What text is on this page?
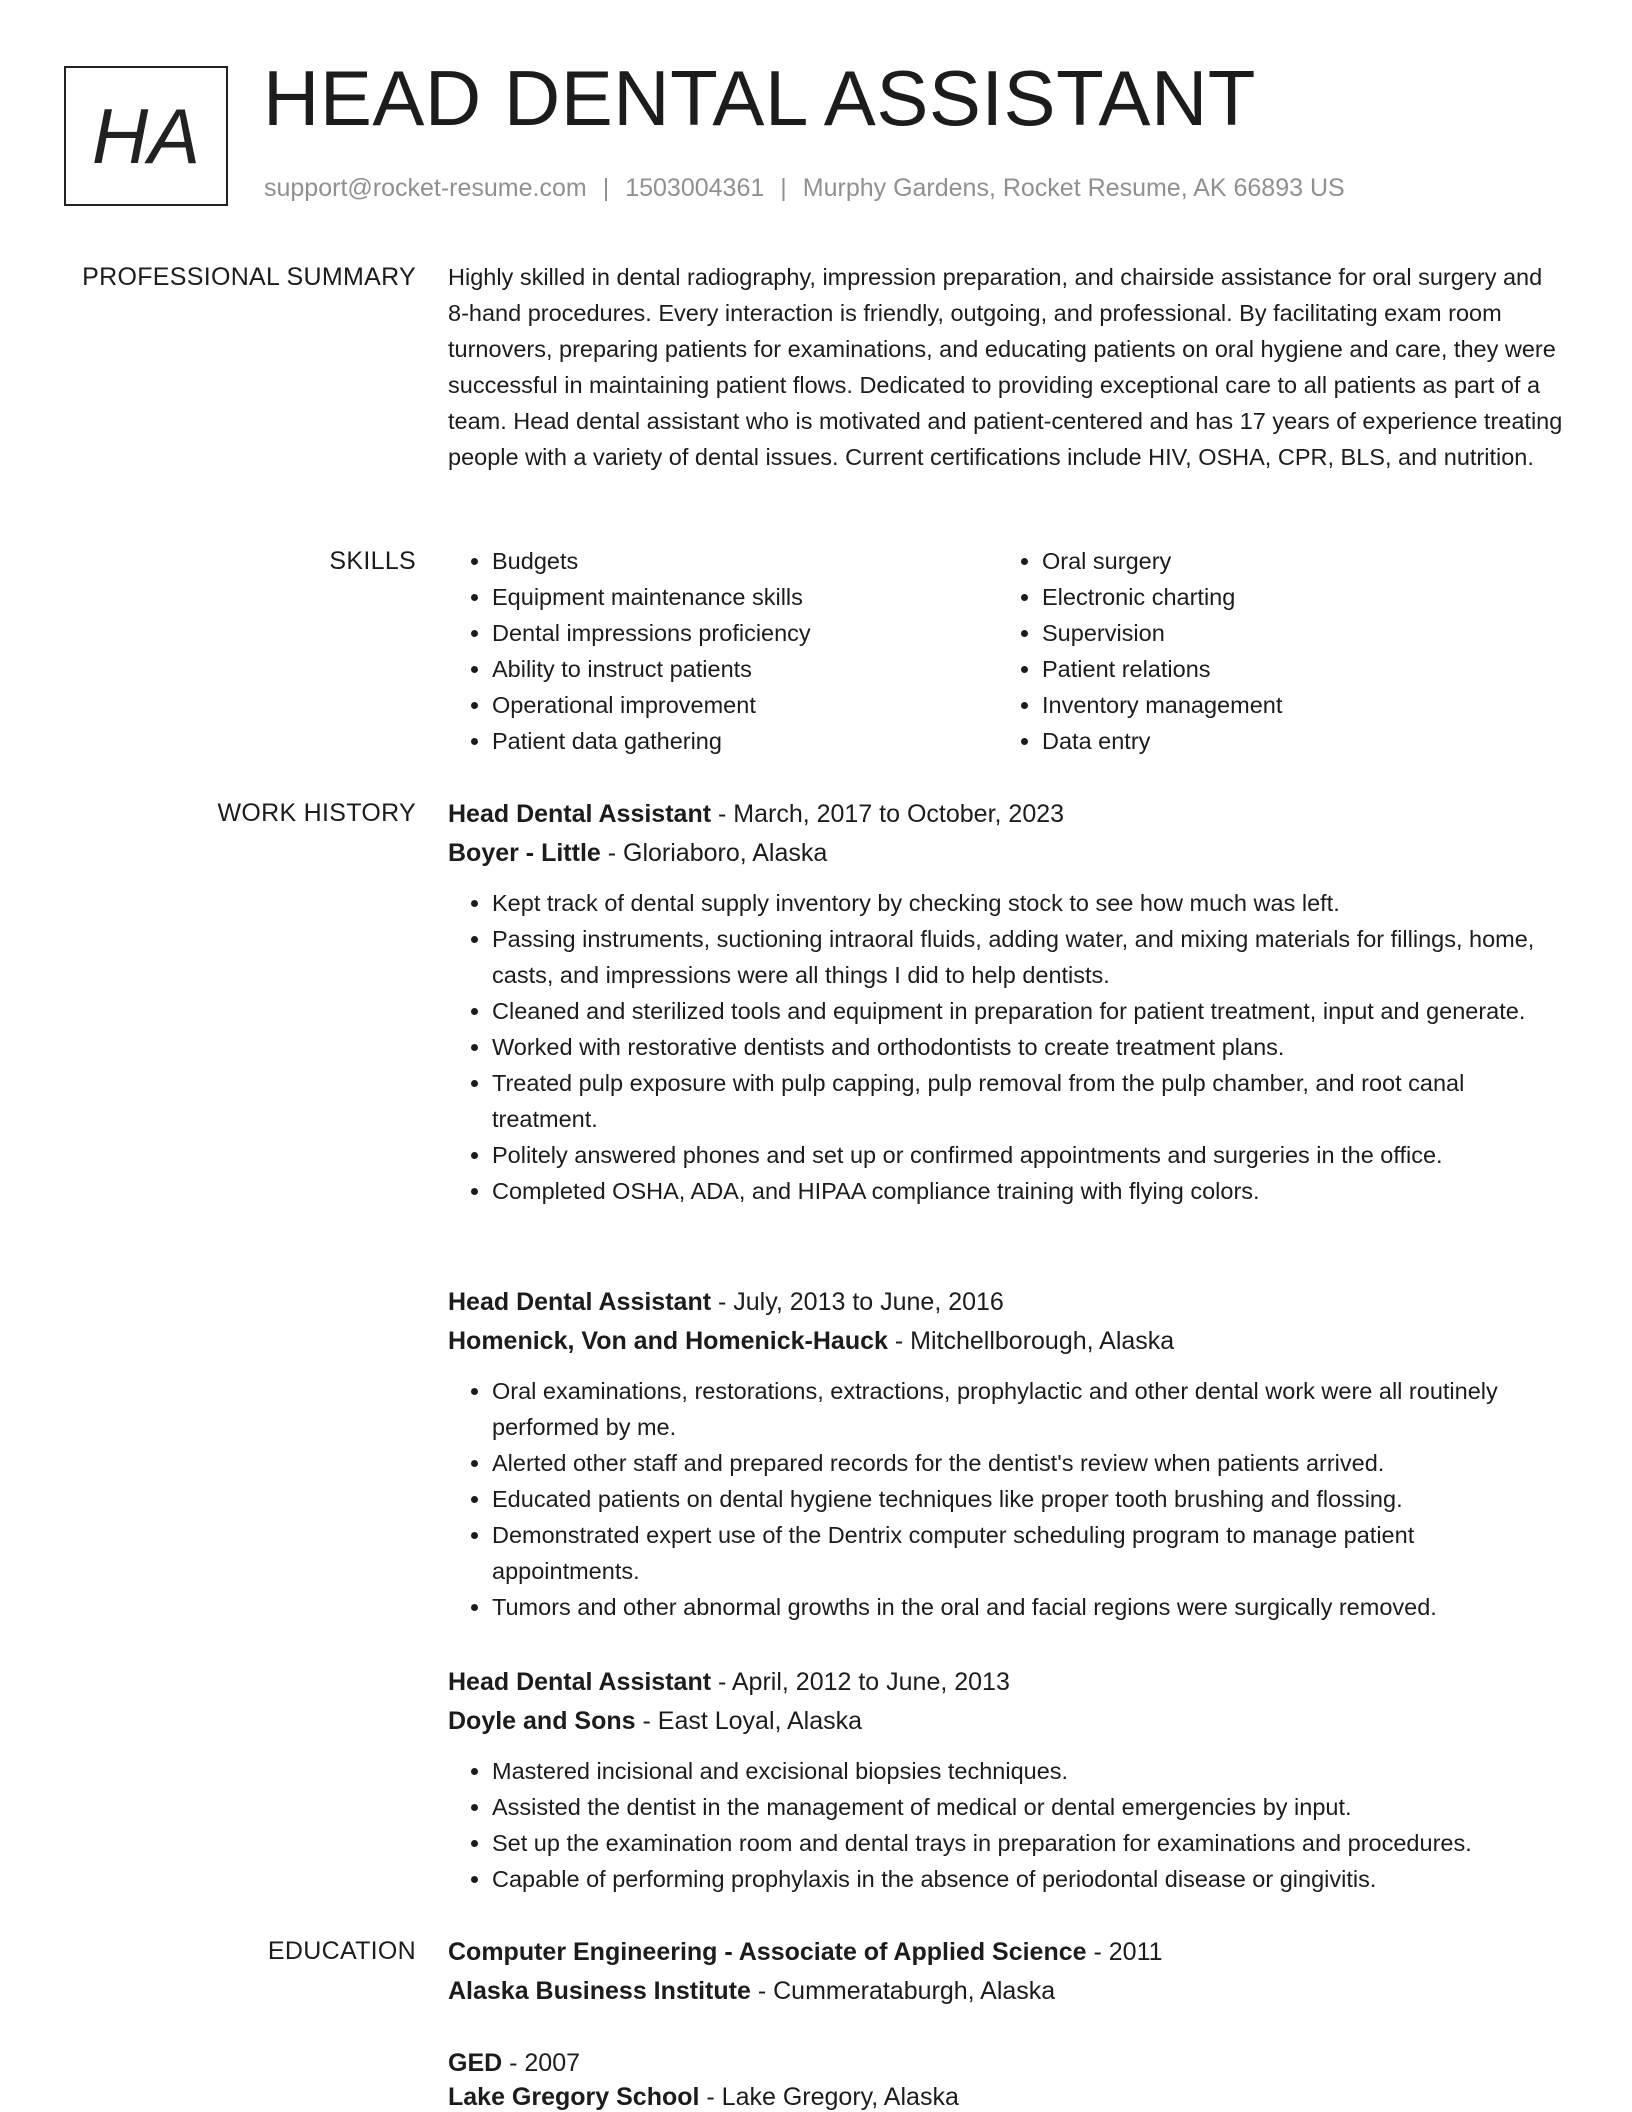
HA HEAD DENTAL ASSISTANT
support@rocket-resume.com | 1503004361 | Murphy Gardens, Rocket Resume, AK 66893 US
PROFESSIONAL SUMMARY Highly skilled in dental radiography, impression preparation, and chairside assistance for oral surgery and 8-hand procedures. Every interaction is friendly, outgoing, and professional. By facilitating exam room turnovers, preparing patients for examinations, and educating patients on oral hygiene and care, they were successful in maintaining patient flows. Dedicated to providing exceptional care to all patients as part of a team. Head dental assistant who is motivated and patient-centered and has 17 years of experience treating people with a variety of dental issues. Current certifications include HIV, OSHA, CPR, BLS, and nutrition.

SKILLS
•	Budgets
• Equipment maintenance skills
• Dental impressions proficiency
• Ability to instruct patients
• Operational improvement
• Patient data gathering
• Oral surgery
• Electronic charting
• Supervision
• Patient relations
• Inventory management
• Data entry
WORK HISTORY Head Dental Assistant - March, 2017 to October, 2023
Boyer - Little - Gloriaboro, Alaska
• Kept track of dental supply inventory by checking stock to see how much was left.
• Passing instruments, suctioning intraoral fluids, adding water, and mixing materials for fillings, home, casts, and impressions were all things I did to help dentists.
• Cleaned and sterilized tools and equipment in preparation for patient treatment, input and generate.
• Worked with restorative dentists and orthodontists to create treatment plans.
• Treated pulp exposure with pulp capping, pulp removal from the pulp chamber, and root canal treatment.
• Politely answered phones and set up or confirmed appointments and surgeries in the office.
• Completed OSHA, ADA, and HIPAA compliance training with flying colors.
Head Dental Assistant - July, 2013 to June, 2016
Homenick, Von and Homenick-Hauck - Mitchellborough, Alaska
• Oral examinations, restorations, extractions, prophylactic and other dental work were all routinely performed by me.
• Alerted other staff and prepared records for the dentist's review when patients arrived.
• Educated patients on dental hygiene techniques like proper tooth brushing and flossing.
• Demonstrated expert use of the Dentrix computer scheduling program to manage patient appointments.
• Tumors and other abnormal growths in the oral and facial regions were surgically removed.
Head Dental Assistant - April, 2012 to June, 2013
Doyle and Sons - East Loyal, Alaska
• Mastered incisional and excisional biopsies techniques.
• Assisted the dentist in the management of medical or dental emergencies by input.
• Set up the examination room and dental trays in preparation for examinations and procedures.
• Capable of performing prophylaxis in the absence of periodontal disease or gingivitis.
EDUCATION Computer Engineering - Associate of Applied Science - 2011
Alaska Business Institute - Cummerataburgh, Alaska
GED - 2007
Lake Gregory School - Lake Gregory, Alaska
